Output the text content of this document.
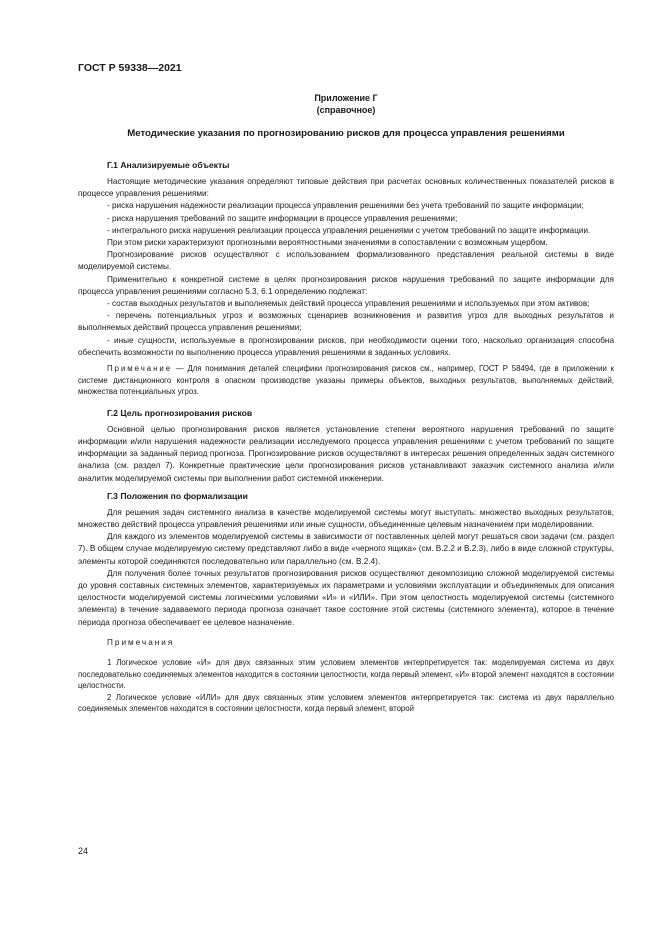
ГОСТ Р 59338—2021
Приложение Г
(справочное)
Методические указания по прогнозированию рисков для процесса управления решениями
Г.1 Анализируемые объекты

Настоящие методические указания определяют типовые действия при расчетах основных количественных показателей рисков в процессе управления решениями:

- риска нарушения надежности реализации процесса управления решениями без учета требований по защите информации;

- риска нарушения требований по защите информации в процессе управления решениями;

- интегрального риска нарушения реализации процесса управления решениями с учетом требований по защите информации.

При этом риски характеризуют прогнозными вероятностными значениями в сопоставлении с возможным ущербом.

Прогнозирование рисков осуществляют с использованием формализованного представления реальной системы в виде моделируемой системы.

Применительно к конкретной системе в целях прогнозирования рисков нарушения требований по защите информации для процесса управления решениями согласно 5.3, 6.1 определению подлежат:

- состав выходных результатов и выполняемых действий процесса управления решениями и используемых при этом активов;

- перечень потенциальных угроз и возможных сценариев возникновения и развития угроз для выходных результатов и выполняемых действий процесса управления решениями;

- иные сущности, используемые в прогнозировании рисков, при необходимости оценки того, насколько организация способна обеспечить возможности по выполнению процесса управления решениями в заданных условиях.

Примечание — Для понимания деталей специфики прогнозирования рисков см., например, ГОСТ Р 58494, где в приложении к системе дистанционного контроля в опасном производстве указаны примеры объектов, выходных результатов, выполняемых действий, множества потенциальных угроз.

Г.2 Цель прогнозирования рисков

Основной целью прогнозирования рисков является установление степени вероятного нарушения требований по защите информации и/или нарушения надежности реализации исследуемого процесса управления решениями с учетом требований по защите информации за заданный период прогноза. Прогнозирование рисков осуществляют в интересах решения определенных задач системного анализа (см. раздел 7). Конкретные практические цели прогнозирования рисков устанавливают заказчик системного анализа и/или аналитик моделируемой системы при выполнении работ системной инженерии.

Г.3 Положения по формализации

Для решения задач системного анализа в качестве моделируемой системы могут выступать: множество выходных результатов, множество действий процесса управления решениями или иные сущности, объединенные целевым назначением при моделировании.

Для каждого из элементов моделируемой системы в зависимости от поставленных целей могут решаться свои задачи (см. раздел 7). В общем случае моделируемую систему представляют либо в виде «черного ящика» (см. В.2.2 и В.2.3), либо в виде сложной структуры, элементы которой соединяются последовательно или параллельно (см. В.2.4).

Для получения более точных результатов прогнозирования рисков осуществляют декомпозицию сложной моделируемой системы до уровня составных системных элементов, характеризуемых их параметрами и условиями эксплуатации и объединяемых для описания целостности моделируемой системы логическими условиями «И» и «ИЛИ». При этом целостность моделируемой системы (системного элемента) в течение задаваемого периода прогноза означает такое состояние этой системы (системного элемента), которое в течение периода прогноза обеспечивает ее целевое назначение.

Примечания

1 Логическое условие «И» для двух связанных этим условием элементов интерпретируется так: моделируемая система из двух последовательно соединяемых элементов находится в состоянии целостности, когда первый элемент, «И» второй элемент находятся в состоянии целостности.

2 Логическое условие «ИЛИ» для двух связанных этим условием элементов интерпретируется так: система из двух параллельно соединяемых элементов находится в состоянии целостности, когда первый элемент, второй

24
